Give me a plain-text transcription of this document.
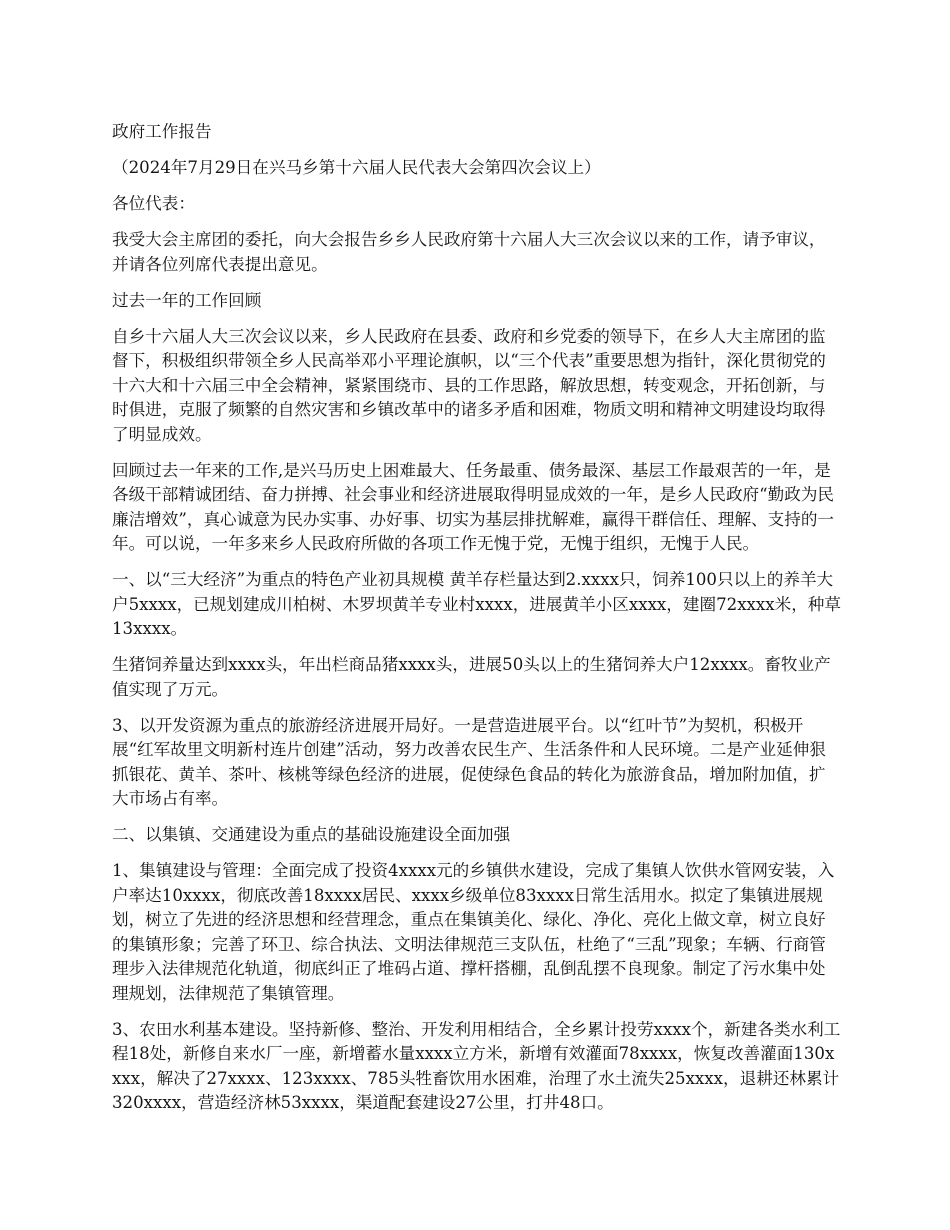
政府工作报告

（2024年7月29日在兴马乡第十六届人民代表大会第四次会议上）

各位代表：

我受大会主席团的委托，向大会报告乡乡人民政府第十六届人大三次会议以来的工作，请予审议，并请各位列席代表提出意见。

过去一年的工作回顾

自乡十六届人大三次会议以来，乡人民政府在县委、政府和乡党委的领导下，在乡人大主席团的监督下，积极组织带领全乡人民高举邓小平理论旗帜，以“三个代表”重要思想为指针，深化贯彻党的十六大和十六届三中全会精神，紧紧围绕市、县的工作思路，解放思想，转变观念，开拓创新，与时俱进，克服了频繁的自然灾害和乡镇改革中的诸多矛盾和困难，物质文明和精神文明建设均取得了明显成效。

回顾过去一年来的工作,是兴马历史上困难最大、任务最重、债务最深、基层工作最艰苦的一年，是各级干部精诚团结、奋力拼搏、社会事业和经济进展取得明显成效的一年，是乡人民政府“勤政为民廉洁增效”，真心诚意为民办实事、办好事、切实为基层排扰解难，赢得干群信任、理解、支持的一年。可以说，一年多来乡人民政府所做的各项工作无愧于党，无愧于组织，无愧于人民。

一、以“三大经济”为重点的特色产业初具规模 黄羊存栏量达到2.xxxx只，饲养100只以上的养羊大户5xxxx，已规划建成川柏树、木罗坝黄羊专业村xxxx，进展黄羊小区xxxx，建圈72xxxx米，种草13xxxx。

生猪饲养量达到xxxx头，年出栏商品猪xxxx头，进展50头以上的生猪饲养大户12xxxx。畜牧业产值实现了万元。

3、以开发资源为重点的旅游经济进展开局好。一是营造进展平台。以“红叶节”为契机，积极开展“红军故里文明新村连片创建”活动，努力改善农民生产、生活条件和人民环境。二是产业延伸狠抓银花、黄羊、茶叶、核桃等绿色经济的进展，促使绿色食品的转化为旅游食品，增加附加值，扩大市场占有率。

二、以集镇、交通建设为重点的基础设施建设全面加强

1、集镇建设与管理：全面完成了投资4xxxx元的乡镇供水建设，完成了集镇人饮供水管网安装，入户率达10xxxx，彻底改善18xxxx居民、xxxx乡级单位83xxxx日常生活用水。拟定了集镇进展规划，树立了先进的经济思想和经营理念，重点在集镇美化、绿化、净化、亮化上做文章，树立良好的集镇形象；完善了环卫、综合执法、文明法律规范三支队伍，杜绝了“三乱”现象；车辆、行商管理步入法律规范化轨道，彻底纠正了堆码占道、撑杆搭棚，乱倒乱摆不良现象。制定了污水集中处理规划，法律规范了集镇管理。

3、农田水利基本建设。坚持新修、整治、开发利用相结合，全乡累计投劳xxxx个，新建各类水利工程18处，新修自来水厂一座，新增蓄水量xxxx立方米，新增有效灌面78xxxx，恢复改善灌面130xxxx，解决了27xxxx、123xxxx、785头牲畜饮用水困难，治理了水土流失25xxxx，退耕还林累计320xxxx，营造经济林53xxxx，渠道配套建设27公里，打井48口。
